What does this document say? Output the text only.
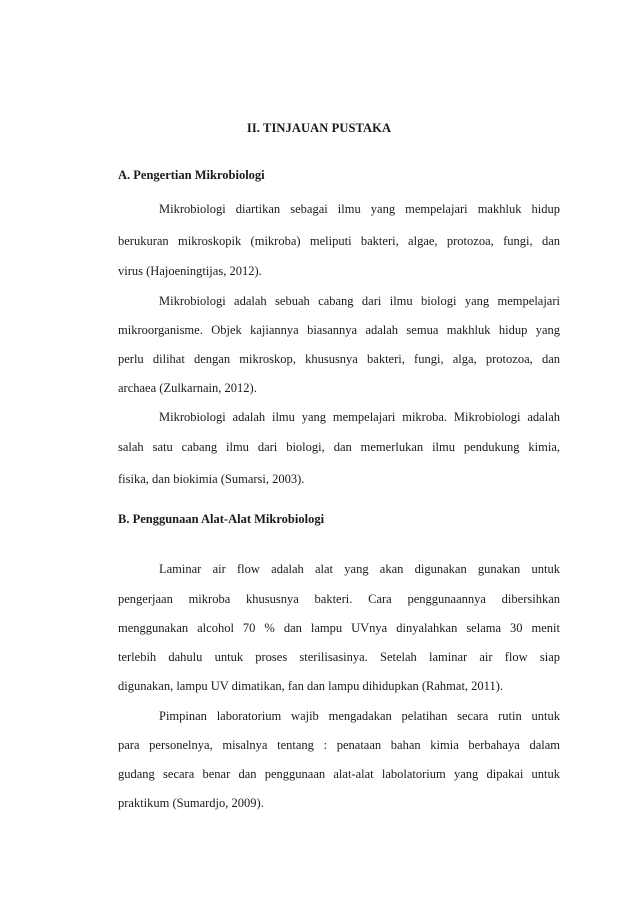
II. TINJAUAN PUSTAKA
A. Pengertian Mikrobiologi
Mikrobiologi diartikan sebagai ilmu yang mempelajari makhluk hidup
berukuran mikroskopik (mikroba) meliputi bakteri, algae, protozoa, fungi, dan
virus (Hajoeningtijas, 2012).
Mikrobiologi adalah sebuah cabang dari ilmu biologi yang mempelajari
mikroorganisme. Objek kajiannya biasannya adalah semua makhluk hidup yang
perlu dilihat dengan mikroskop, khususnya bakteri, fungi, alga, protozoa, dan
archaea (Zulkarnain, 2012).
Mikrobiologi adalah ilmu yang mempelajari mikroba. Mikrobiologi adalah
salah satu cabang ilmu dari biologi, dan memerlukan ilmu pendukung kimia,
fisika, dan biokimia (Sumarsi, 2003).
B. Penggunaan Alat-Alat Mikrobiologi
Laminar air flow adalah alat yang akan digunakan gunakan untuk
pengerjaan mikroba khususnya bakteri. Cara penggunaannya dibersihkan
menggunakan alcohol 70 % dan lampu UVnya dinyalahkan selama 30 menit
terlebih dahulu untuk proses sterilisasinya. Setelah laminar air flow siap
digunakan, lampu UV dimatikan, fan dan lampu dihidupkan (Rahmat, 2011).
Pimpinan laboratorium wajib mengadakan pelatihan secara rutin untuk
para personelnya, misalnya tentang : penataan bahan kimia berbahaya dalam
gudang secara benar dan penggunaan alat-alat labolatorium yang dipakai untuk
praktikum (Sumardjo, 2009).
